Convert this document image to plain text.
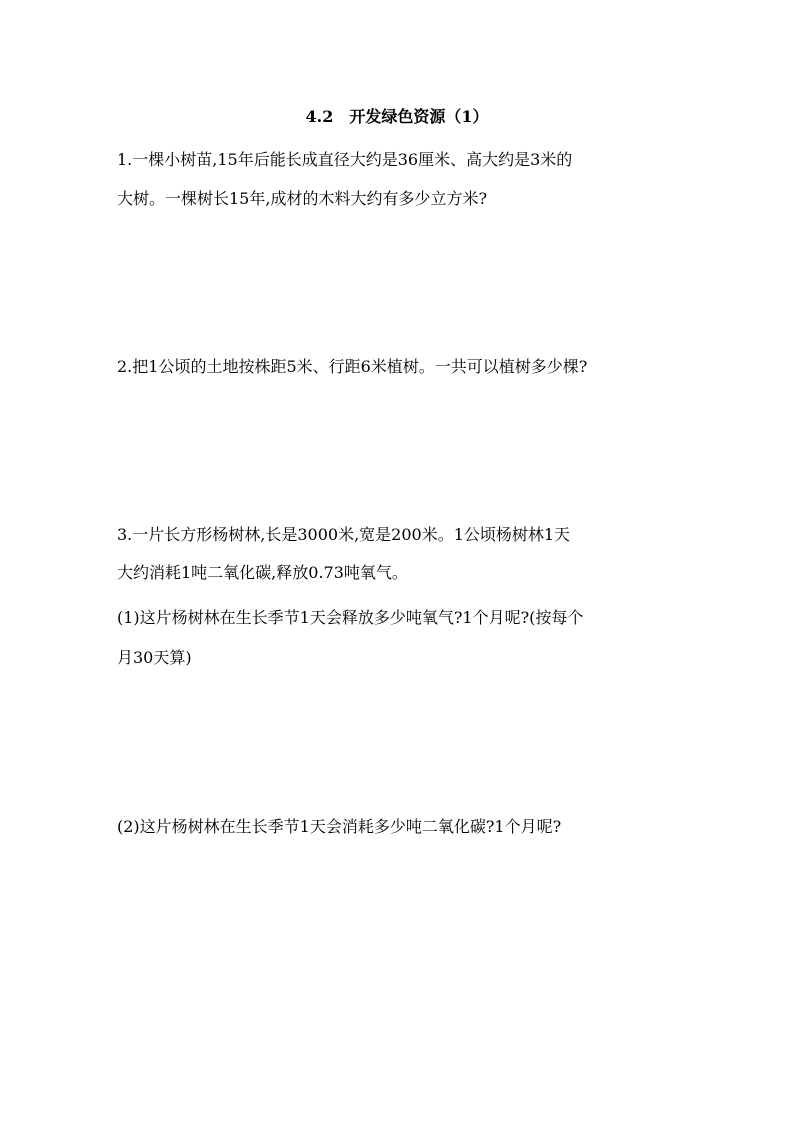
4.2　开发绿色资源（1）
1.一棵小树苗,15年后能长成直径大约是36厘米、高大约是3米的
大树。一棵树长15年,成材的木料大约有多少立方米?
2.把1公顷的土地按株距5米、行距6米植树。一共可以植树多少棵?
3.一片长方形杨树林,长是3000米,宽是200米。1公顷杨树林1天
大约消耗1吨二氧化碳,释放0.73吨氧气。
(1)这片杨树林在生长季节1天会释放多少吨氧气?1个月呢?(按每个
月30天算)
(2)这片杨树林在生长季节1天会消耗多少吨二氧化碳?1个月呢?
